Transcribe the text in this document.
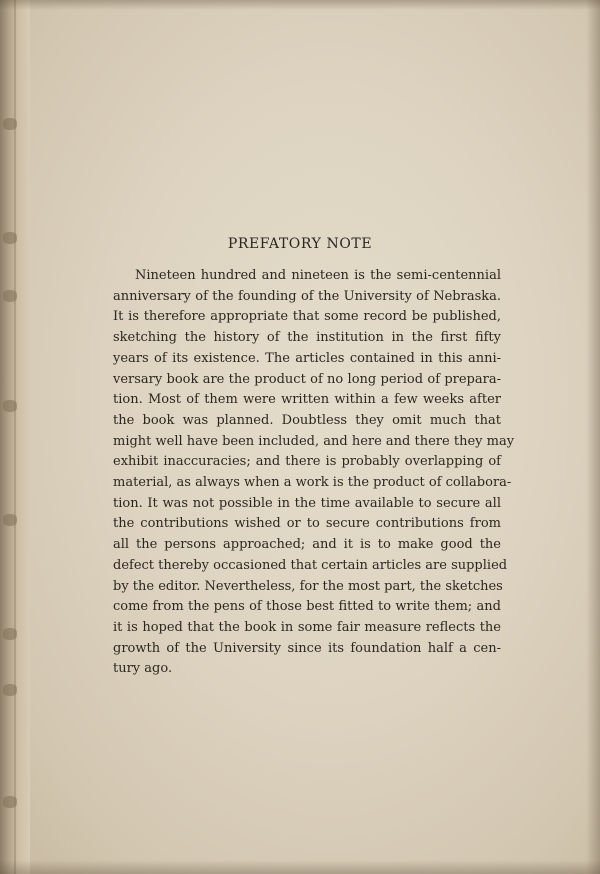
PREFATORY NOTE
Nineteen hundred and nineteen is the semi-centennial
anniversary of the founding of the University of Nebraska.
It is therefore appropriate that some record be published,
sketching the history of the institution in the first fifty
years of its existence. The articles contained in this anni-
versary book are the product of no long period of prepara-
tion. Most of them were written within a few weeks after
the book was planned. Doubtless they omit much that
might well have been included, and here and there they may
exhibit inaccuracies; and there is probably overlapping of
material, as always when a work is the product of collabora-
tion. It was not possible in the time available to secure all
the contributions wished or to secure contributions from
all the persons approached; and it is to make good the
defect thereby occasioned that certain articles are supplied
by the editor. Nevertheless, for the most part, the sketches
come from the pens of those best fitted to write them; and
it is hoped that the book in some fair measure reflects the
growth of the University since its foundation half a cen-
tury ago.
